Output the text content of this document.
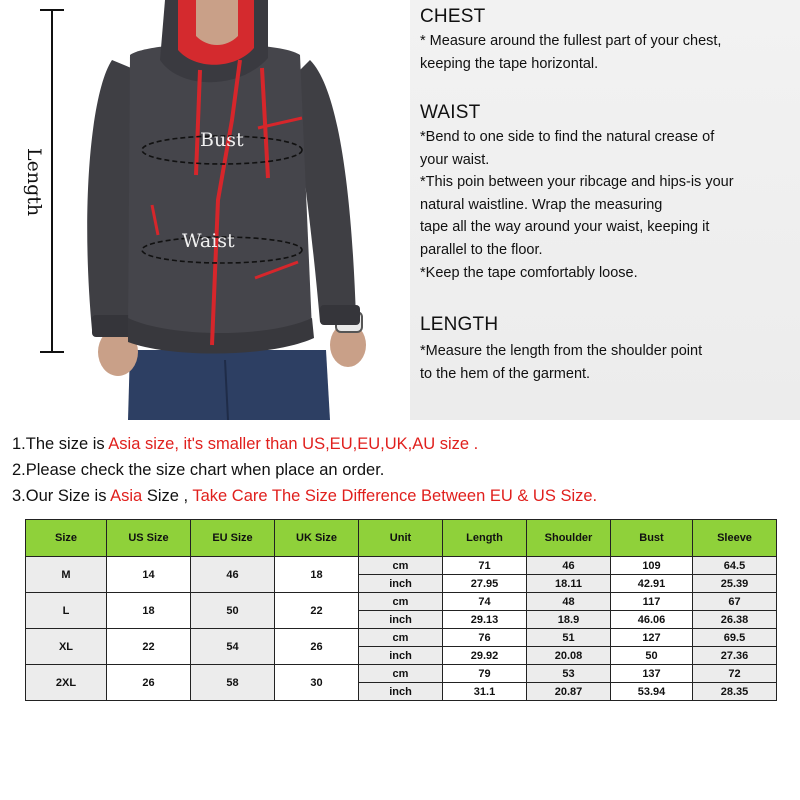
Length
Bust
Waist
CHEST
* Measure around the fullest part of your chest,
keeping the tape horizontal.
WAIST
*Bend to one side to find the natural crease of
your waist.
*This poin between your ribcage and hips-is your
natural waistline. Wrap the measuring
tape all the way around your waist, keeping it
parallel to the floor.
*Keep the tape comfortably loose.
LENGTH
*Measure the length from the shoulder point
to the hem of the garment.
1.The size is Asia size, it's smaller than US,EU,EU,UK,AU size .
2.Please check the size chart when place an order.
3.Our Size is Asia Size , Take Care The Size Difference Between EU & US Size.
Size	US Size	EU Size	UK Size	Unit	Length	Shoulder	Bust	Sleeve
M	14	46	18	cm	71	46	109	64.5
				inch	27.95	18.11	42.91	25.39
L	18	50	22	cm	74	48	117	67
				inch	29.13	18.9	46.06	26.38
XL	22	54	26	cm	76	51	127	69.5
				inch	29.92	20.08	50	27.36
2XL	26	58	30	cm	79	53	137	72
				inch	31.1	20.87	53.94	28.35
